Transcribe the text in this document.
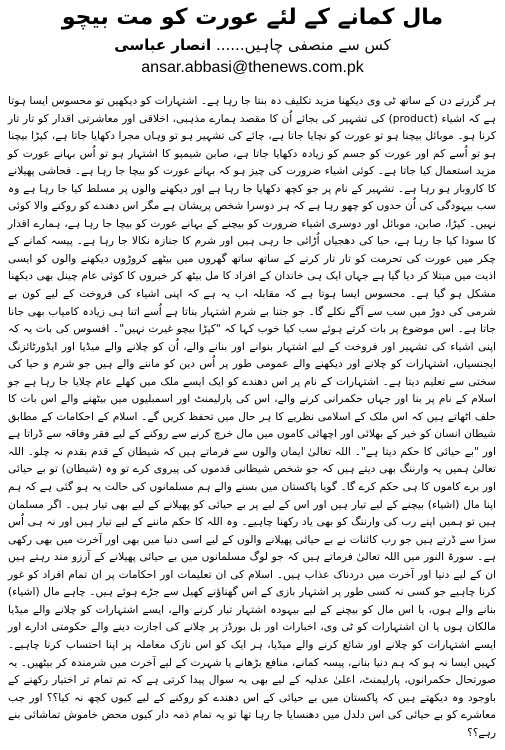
مال کمانے کے لئے عورت کو مت بیچو
کس سے منصفی چاہیں...... انصار عباسی
ansar.abbasi@thenews.com.pk

ہر گزرتے دن کے ساتھ ٹی وی دیکھنا مزید تکلیف دہ بنتا جا رہا ہے۔ اشتہارات کو دیکھیں تو محسوس ایسا ہوتا ہے کہ اشیاء (product) کی تشہیر کی بجائے اُن کا مقصد ہمارے مذہبی، اخلاقی اور معاشرتی اقدار کو تار تار کرنا ہو۔ موبائل بیچنا ہو تو عورت کو نچایا جاتا ہے، چائے کی تشہیر ہو تو وہاں مجرا دکھایا جاتا ہے، کپڑا بیچنا ہو تو اُسے کم اور عورت کو جسم کو زیادہ دکھایا جاتا ہے، صابن شیمپو کا اشتہار ہو تو اُس بہانے عورت کو مزید استعمال کیا جاتا ہے۔ کوئی اشیاء ضرورت کی چیز ہو کہ بہانے عورت کو بیچا جا رہا ہے۔ فحاشی پھیلانے کا کاروبار ہو رہا ہے۔ تشہیر کے نام پر جو کچھ دکھایا جا رہا ہے اور دیکھنے والوں پر مسلط کیا جا رہا ہے وہ سب بیہودگی کی اُن حدوں کو چھو رہا ہے کہ ہر دوسرا شخص پریشان ہے مگر اس دھندے کو روکنے والا کوئی نہیں۔ کپڑا، صابن، موبائل اور دوسری اشیاء ضرورت کو بیچنے کے بہانے عورت کو بیچا جا رہا ہے، ہمارے اقدار کا سودا کیا جا رہا ہے، حیا کی دھجیاں اُڑائی جا رہی ہیں اور شرم کا جنازہ نکالا جا رہا ہے۔ پیسہ کمانے کے چکر میں عورت کی تحرمت کو تار تار کرنے کے ساتھ ساتھ گھروں میں بیٹھے کروڑوں دیکھنے والوں کو ایسی اذیت میں مبتلا کر دیا گیا ہے جہاں ایک ہی خاندان کے افراد کا مل بیٹھ کر خبروں کا کوئی عام چینل بھی دیکھنا مشکل ہو گیا ہے۔ محسوس ایسا ہوتا ہے کہ مقابلہ اب یہ ہے کہ اپنی اشیاء کی فروخت کے لیے کون بے شرمی کی دوڑ میں سب سے آگے نکلے گا۔ جو جتنا بے شرم اشتہار بناتا ہے اُسے اتنا ہی زیادہ کامیاب بھی جانا جاتا ہے۔ اس موضوع پر بات کرتے ہوئے سب کیا خوب کہا کہ "کپڑا بیچو غیرت نہیں"۔ افسوس کی بات یہ کہ اپنی اشیاء کی تشہیر اور فروخت کے لیے اشتہار بنوانے اور بنانے والے، اُن کو چلانے والے میڈیا اور ایڈورٹائزنگ ایجنسیاں، اشتہارات کو چلانے اور دیکھنے والے عمومی طور پر اُس دین کو ماننے والے ہیں جو شرم و حیا کی سختی سے تعلیم دیتا ہے۔ اشتہارات کے نام پر اس دھندے کو ایک ایسے ملک میں کھلے عام چلایا جا رہا ہے جو اسلام کے نام پر بنا اور جہاں حکمرانی کرنے والے، اس کی پارلیمنٹ اور اسمبلیوں میں بیٹھنے والے اس بات کا حلف اٹھاتے ہیں کہ اس ملک کے اسلامی نظریے کا ہر حال میں تحفظ کریں گے۔ اسلام کے احکامات کے مطابق شیطان انسان کو خیر کے بھلائی اور اچھائی کاموں میں مال خرچ کرنے سے روکنے کے لیے فقر وفاقہ سے ڈراتا ہے اور "بے حیائی کا حکم دیتا ہے"۔ اللہ تعالیٰ ایمان والوں سے فرماتے ہیں کہ شیطان کے قدم بقدم نہ چلو۔ اللہ تعالیٰ ہمیں یہ وارننگ بھی دیتے ہیں کہ جو شخص شیطانی قدموں کی پیروی کرے تو وہ (شیطان) تو بے حیائی اور برے کاموں کا ہی حکم کرے گا۔ گویا پاکستان میں بسنے والے ہم مسلمانوں کی حالت یہ ہو گئی ہے کہ ہم اپنا مال (اشیاء) بیچنے کے لیے تیار ہیں اور اس کے لیے پر بے حیائی کو پھیلانے کے لیے بھی تیار ہیں۔ اگر مسلمان ہیں تو ہمیں اپنے رب کی وارننگ کو بھی یاد رکھنا چاہیے۔ وہ اللہ کا حکم ماننے کے لیے تیار ہیں اور نہ ہی اُس سزا سے ڈرتے ہیں جو رب کائنات نے بے حیائی پھیلانے والوں کے لیے اسی دنیا میں بھی اور آخرت میں بھی رکھی ہے۔ سورۃ النور میں اللہ تعالیٰ فرماتے ہیں کہ جو لوگ مسلمانوں میں بے حیائی پھیلانے کے آرزو مند رہتے ہیں ان کے لیے دنیا اور آخرت میں دردناک عذاب ہیں۔ اسلام کی ان تعلیمات اور احکامات پر ان تمام افراد کو غور کرنا چاہیے جو کسی نہ کسی طور پر اشتہار بازی کے اس گھناؤنے کھیل سے جڑے ہوئے ہیں۔ چاہے مال (اشیاء) بنانے والے ہوں، یا اس مال کو بیچنے کے لیے بیہودہ اشتہار تیار کرنے والے، ایسے اشتہارات کو چلانے والے میڈیا مالکان ہوں یا ان اشتہارات کو ٹی وی، اخبارات اور بل بورڈز پر چلانے کی اجازت دینے والے حکومتی ادارے اور ایسے اشتہارات کو چلانے اور شائع کرنے والے میڈیا، ہر ایک کو اس نازک معاملہ پر اپنا احتساب کرنا چاہیے۔ کہیں ایسا نہ ہو کہ ہم دنیا بنانے، پیسہ کمانے، منافع بڑھانے یا شہرت کے لیے آخرت میں شرمندہ کر بیٹھیں۔ یہ صورتحال حکمرانوں، پارلیمنٹ، اعلیٰ عدلیہ کے لیے بھی یہ سوال پیدا کرتی ہے کہ تم تمام تر اختیار رکھنے کے باوجود وہ دیکھتے ہیں کہ پاکستان میں بے حیائی کے اس دھندے کو روکنے کے لیے کیوں کچھ نہ کیا؟؟ اور جب معاشرے کو بے حیائی کی اس دلدل میں دھنسایا جا رہا تھا تو یہ تمام ذمہ دار کیوں محض خاموش تماشائی بنے رہے؟؟
